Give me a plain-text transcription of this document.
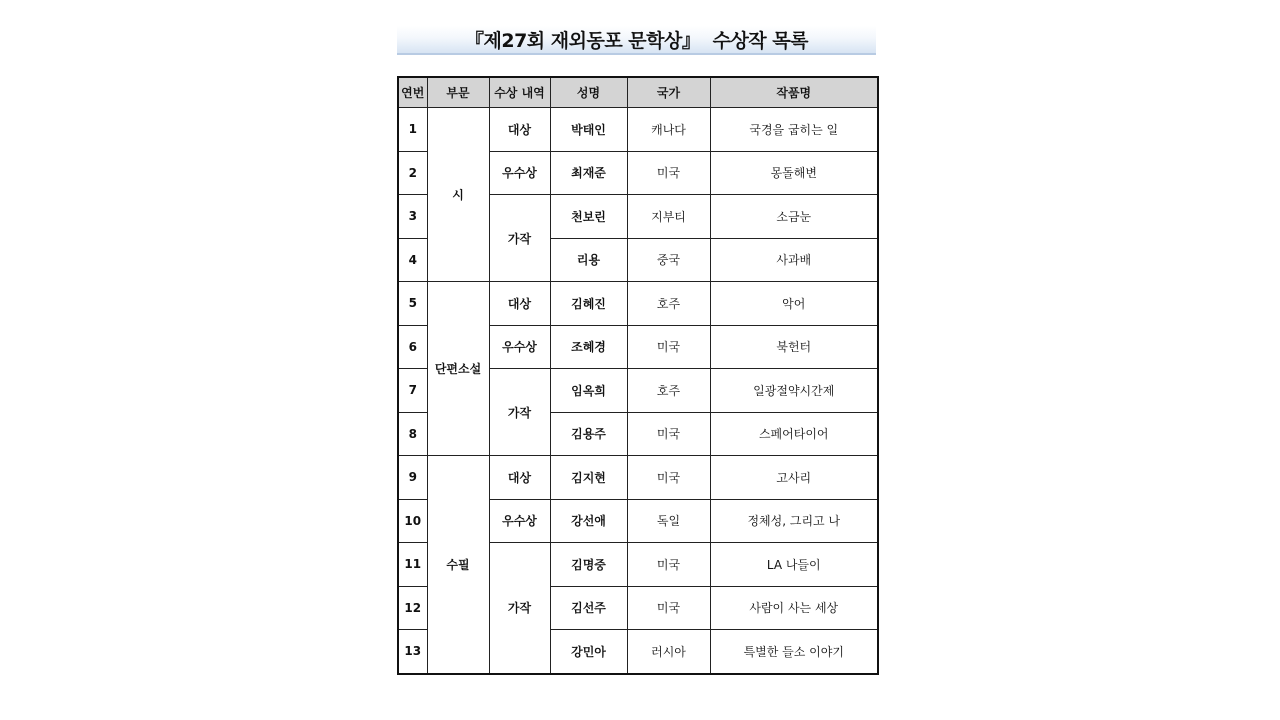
『제27회 재외동포 문학상』  수상작 목록
연번	부문	수상 내역	성명	국가	작품명
1	시	대상	박태인	캐나다	국경을 굽히는 일
2		우수상	최재준	미국	몽돌해변
3		가작	천보린	지부티	소금눈
4			리용	중국	사과배
5	단편소설	대상	김혜진	호주	악어
6		우수상	조혜경	미국	북헌터
7		가작	임옥희	호주	일광절약시간제
8			김용주	미국	스페어타이어
9	수필	대상	김지현	미국	고사리
10		우수상	강선애	독일	정체성, 그리고 나
11		가작	김명중	미국	LA 나들이
12			김선주	미국	사람이 사는 세상
13			강민아	러시아	특별한 들소 이야기
